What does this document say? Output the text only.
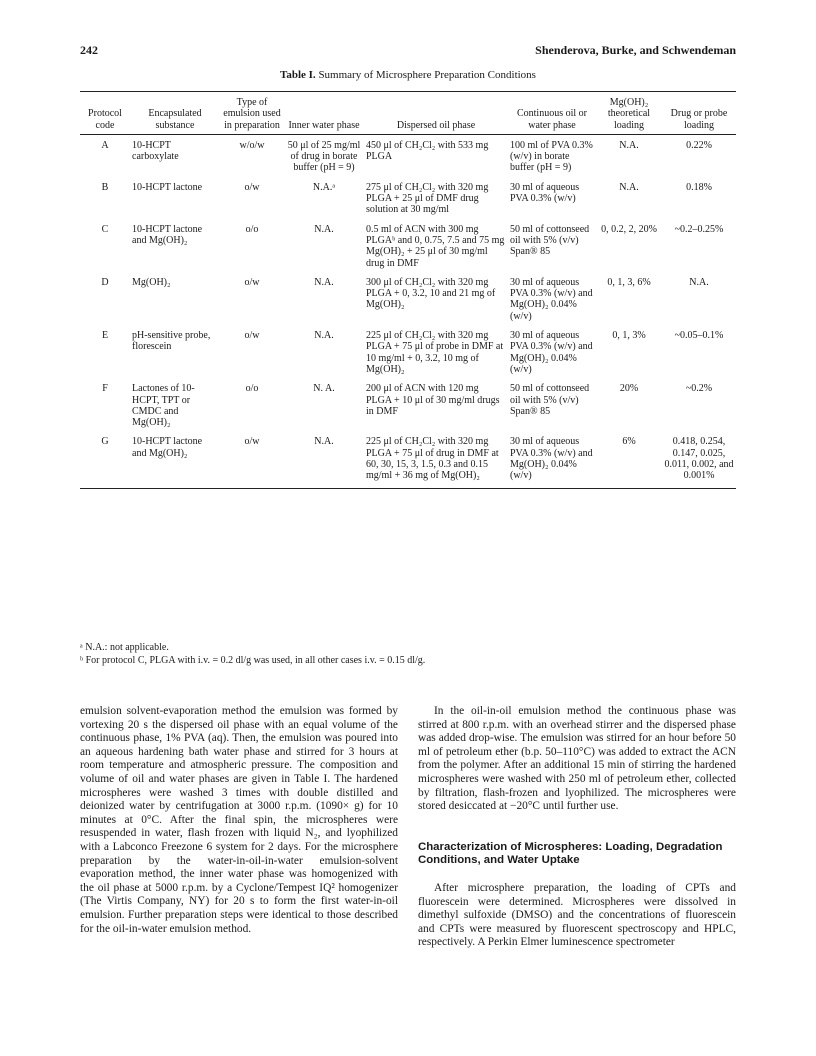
242	Shenderova, Burke, and Schwendeman
Table I. Summary of Microsphere Preparation Conditions
Protocol code	Encapsulated substance	Type of emulsion used in preparation	Inner water phase	Dispersed oil phase	Continuous oil or water phase	Mg(OH)₂ theoretical loading	Drug or probe loading
A	10-HCPT carboxylate	w/o/w	50 μl of 25 mg/ml of drug in borate buffer (pH = 9)	450 μl of CH₂Cl₂ with 533 mg PLGA	100 ml of PVA 0.3% (w/v) in borate buffer (pH = 9)	N.A.	0.22%
B	10-HCPT lactone	o/w	N.A.ᵃ	275 μl of CH₂Cl₂ with 320 mg PLGA + 25 μl of DMF drug solution at 30 mg/ml	30 ml of aqueous PVA 0.3% (w/v)	N.A.	0.18%
C	10-HCPT lactone and Mg(OH)₂	o/o	N.A.	0.5 ml of ACN with 300 mg PLGAᵇ and 0, 0.75, 7.5 and 75 mg Mg(OH)₂ + 25 μl of 30 mg/ml drug in DMF	50 ml of cottonseed oil with 5% (v/v) Span® 85	0, 0.2, 2, 20%	~0.2–0.25%
D	Mg(OH)₂	o/w	N.A.	300 μl of CH₂Cl₂ with 320 mg PLGA + 0, 3.2, 10 and 21 mg of Mg(OH)₂	30 ml of aqueous PVA 0.3% (w/v) and Mg(OH)₂ 0.04% (w/v)	0, 1, 3, 6%	N.A.
E	pH-sensitive probe, florescein	o/w	N.A.	225 μl of CH₂Cl₂ with 320 mg PLGA + 75 μl of probe in DMF at 10 mg/ml + 0, 3.2, 10 mg of Mg(OH)₂	30 ml of aqueous PVA 0.3% (w/v) and Mg(OH)₂ 0.04% (w/v)	0, 1, 3%	~0.05–0.1%
F	Lactones of 10-HCPT, TPT or CMDC and Mg(OH)₂	o/o	N. A.	200 μl of ACN with 120 mg PLGA + 10 μl of 30 mg/ml drugs in DMF	50 ml of cottonseed oil with 5% (v/v) Span® 85	20%	~0.2%
G	10-HCPT lactone and Mg(OH)₂	o/w	N.A.	225 μl of CH₂Cl₂ with 320 mg PLGA + 75 μl of drug in DMF at 60, 30, 15, 3, 1.5, 0.3 and 0.15 mg/ml + 36 mg of Mg(OH)₂	30 ml of aqueous PVA 0.3% (w/v) and Mg(OH)₂ 0.04% (w/v)	6%	0.418, 0.254, 0.147, 0.025, 0.011, 0.002, and 0.001%
ᵃ N.A.: not applicable.
ᵇ For protocol C, PLGA with i.v. = 0.2 dl/g was used, in all other cases i.v. = 0.15 dl/g.

emulsion solvent-evaporation method the emulsion was formed by vortexing 20 s the dispersed oil phase with an equal volume of the continuous phase, 1% PVA (aq). Then, the emulsion was poured into an aqueous hardening bath water phase and stirred for 3 hours at room temperature and atmospheric pressure. The composition and volume of oil and water phases are given in Table I. The hardened microspheres were washed 3 times with double distilled and deionized water by centrifugation at 3000 r.p.m. (1090× g) for 10 minutes at 0°C. After the final spin, the microspheres were resuspended in water, flash frozen with liquid N₂, and lyophilized with a Labconco Freezone 6 system for 2 days. For the microsphere preparation by the water-in-oil-in-water emulsion-solvent evaporation method, the inner water phase was homogenized with the oil phase at 5000 r.p.m. by a Cyclone/Tempest IQ² homogenizer (The Virtis Company, NY) for 20 s to form the first water-in-oil emulsion. Further preparation steps were identical to those described for the oil-in-water emulsion method.

In the oil-in-oil emulsion method the continuous phase was stirred at 800 r.p.m. with an overhead stirrer and the dispersed phase was added drop-wise. The emulsion was stirred for an hour before 50 ml of petroleum ether (b.p. 50–110°C) was added to extract the ACN from the polymer. After an additional 15 min of stirring the hardened microspheres were washed with 250 ml of petroleum ether, collected by filtration, flash-frozen and lyophilized. The microspheres were stored desiccated at −20°C until further use.

Characterization of Microspheres: Loading, Degradation Conditions, and Water Uptake

After microsphere preparation, the loading of CPTs and fluorescein were determined. Microspheres were dissolved in dimethyl sulfoxide (DMSO) and the concentrations of fluorescein and CPTs were measured by fluorescent spectroscopy and HPLC, respectively. A Perkin Elmer luminescence spectrometer
